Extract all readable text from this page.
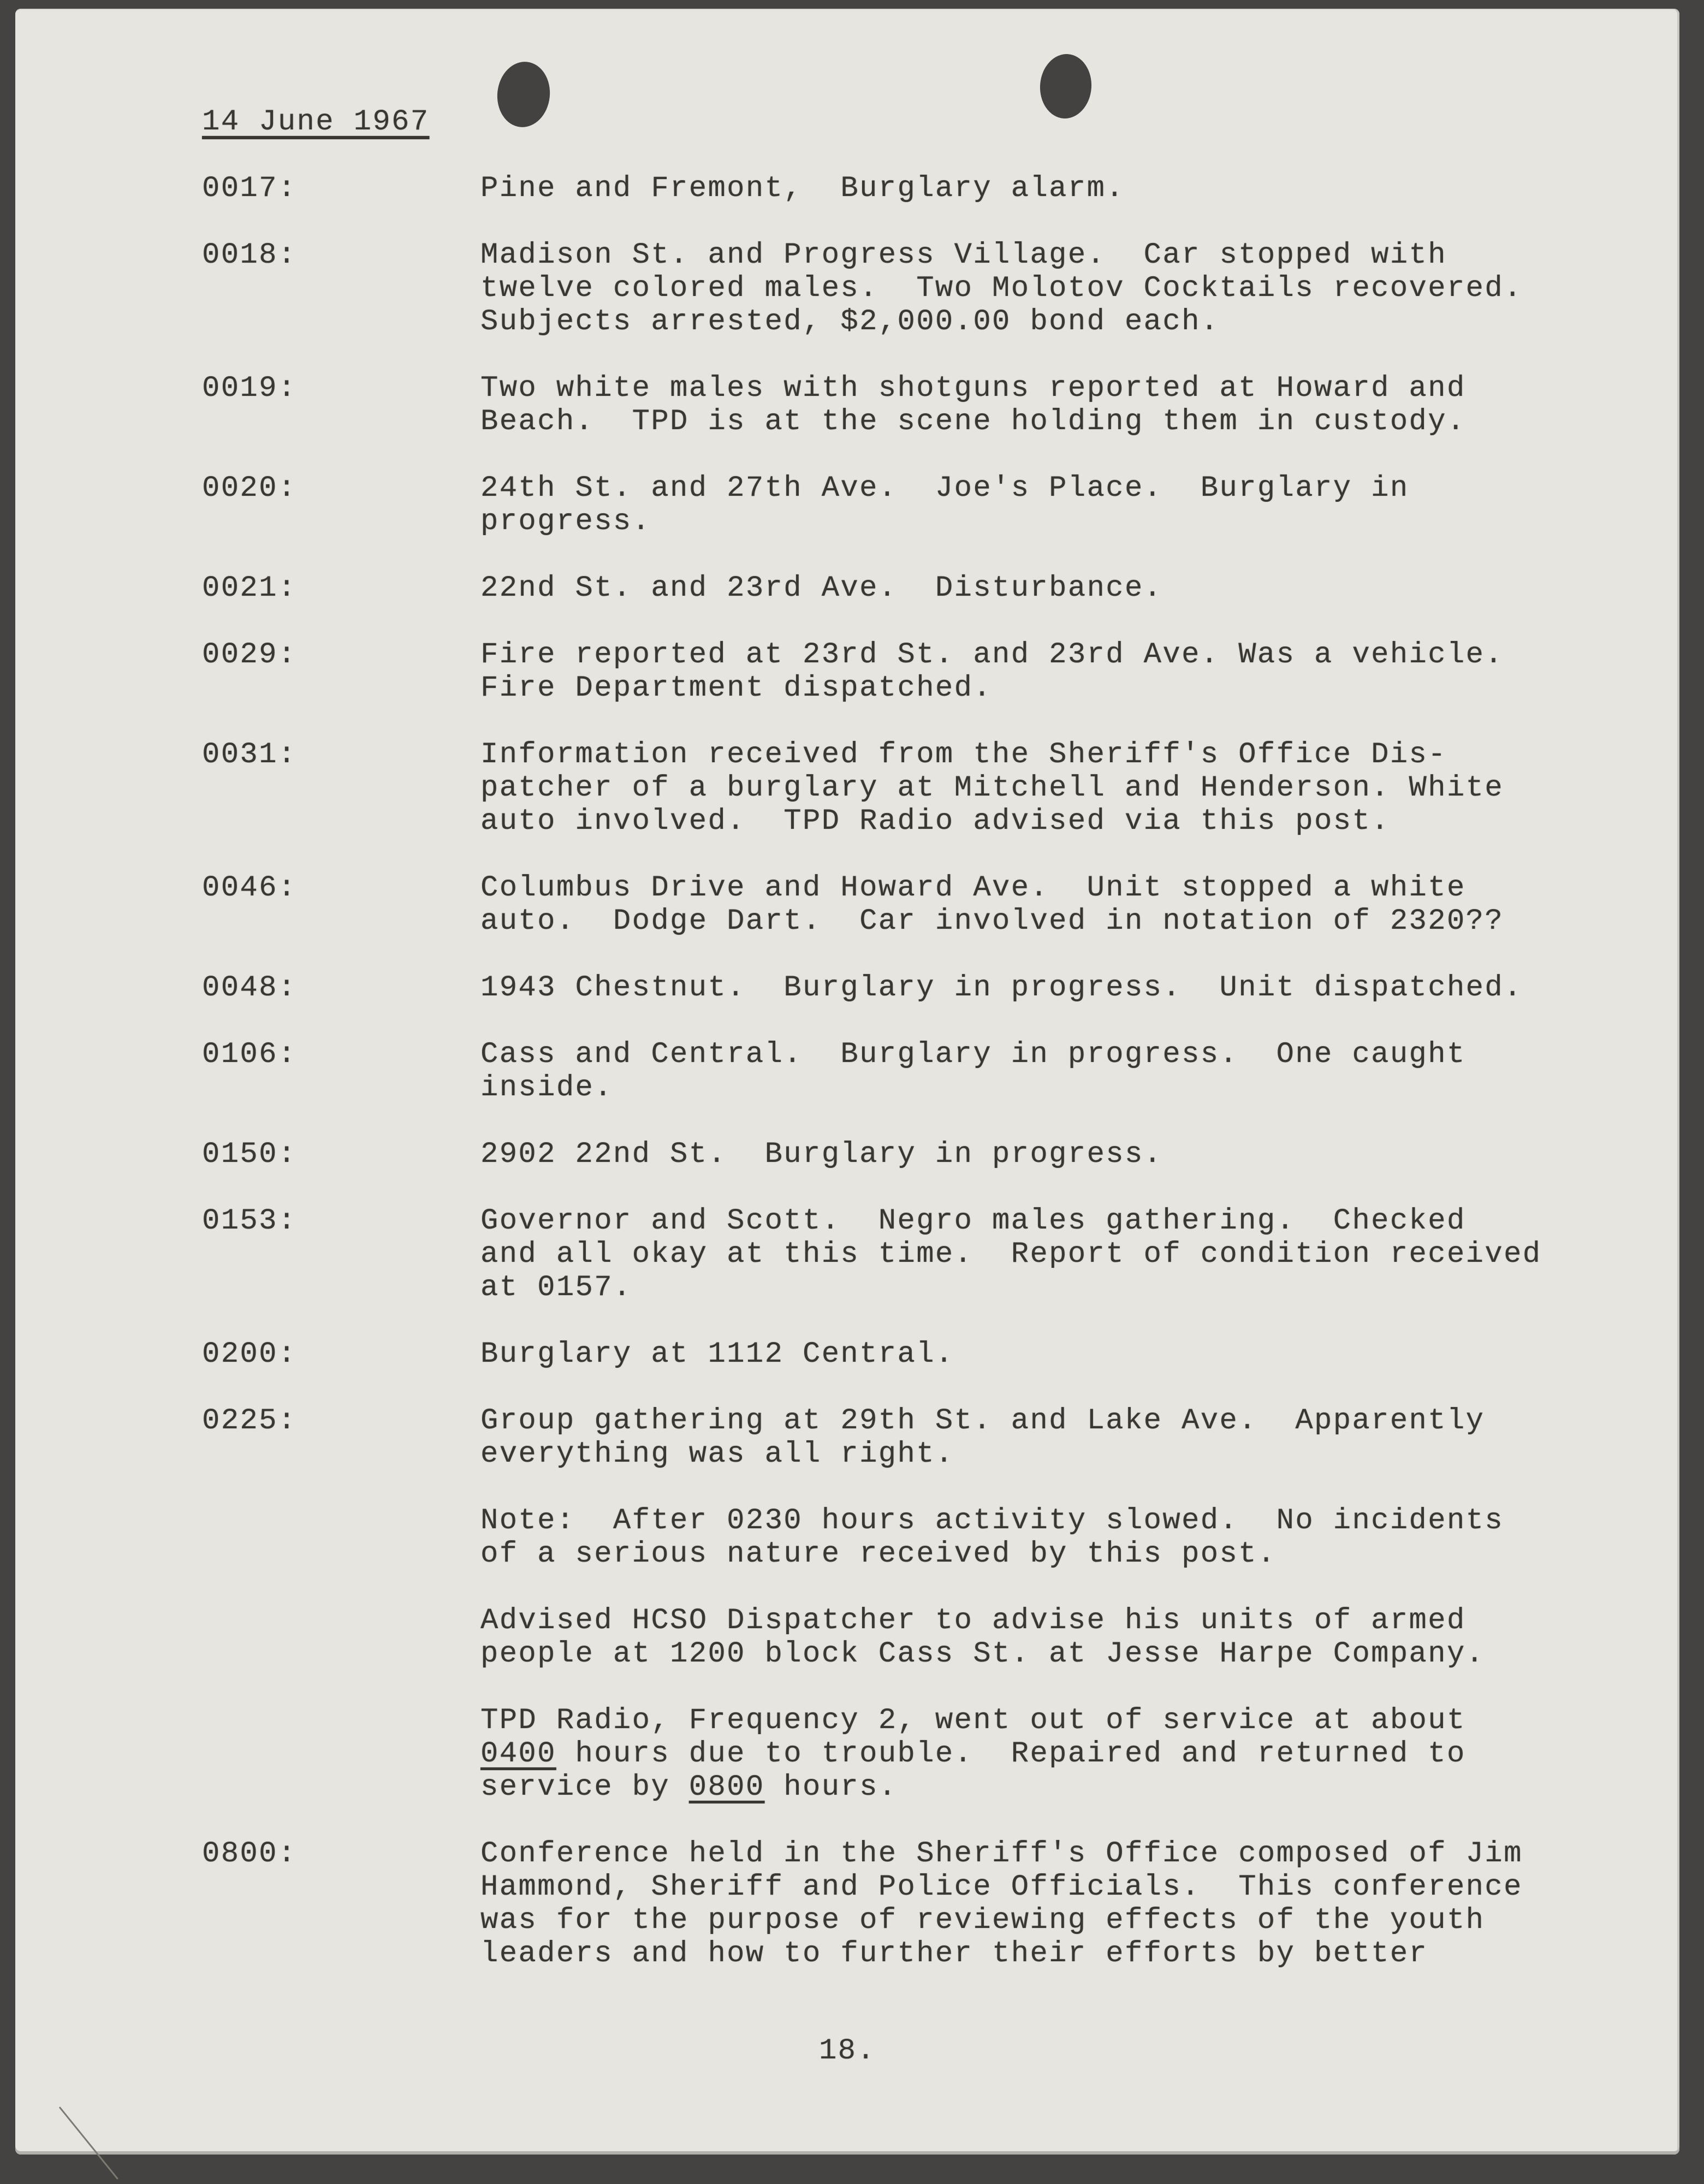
14 June 1967
0017:	Pine and Fremont,  Burglary alarm.
0018:	Madison St. and Progress Village.  Car stopped with
twelve colored males.  Two Molotov Cocktails recovered.
Subjects arrested, $2,000.00 bond each.
0019:	Two white males with shotguns reported at Howard and
Beach.  TPD is at the scene holding them in custody.
0020:	24th St. and 27th Ave.  Joe's Place.  Burglary in
progress.
0021:	22nd St. and 23rd Ave.  Disturbance.
0029:	Fire reported at 23rd St. and 23rd Ave. Was a vehicle.
Fire Department dispatched.
0031:	Information received from the Sheriff's Office Dis-
patcher of a burglary at Mitchell and Henderson. White
auto involved.  TPD Radio advised via this post.
0046:	Columbus Drive and Howard Ave.  Unit stopped a white
auto.  Dodge Dart.  Car involved in notation of 2320??
0048:	1943 Chestnut.  Burglary in progress.  Unit dispatched.
0106:	Cass and Central.  Burglary in progress.  One caught
inside.
0150:	2902 22nd St.  Burglary in progress.
0153:	Governor and Scott.  Negro males gathering.  Checked
and all okay at this time.  Report of condition received
at 0157.
0200:	Burglary at 1112 Central.
0225:	Group gathering at 29th St. and Lake Ave.  Apparently
everything was all right.
Note:  After 0230 hours activity slowed.  No incidents
of a serious nature received by this post.
Advised HCSO Dispatcher to advise his units of armed
people at 1200 block Cass St. at Jesse Harpe Company.
TPD Radio, Frequency 2, went out of service at about
0400 hours due to trouble.  Repaired and returned to
service by 0800 hours.
0800:	Conference held in the Sheriff's Office composed of Jim
Hammond, Sheriff and Police Officials.  This conference
was for the purpose of reviewing effects of the youth
leaders and how to further their efforts by better
18.
